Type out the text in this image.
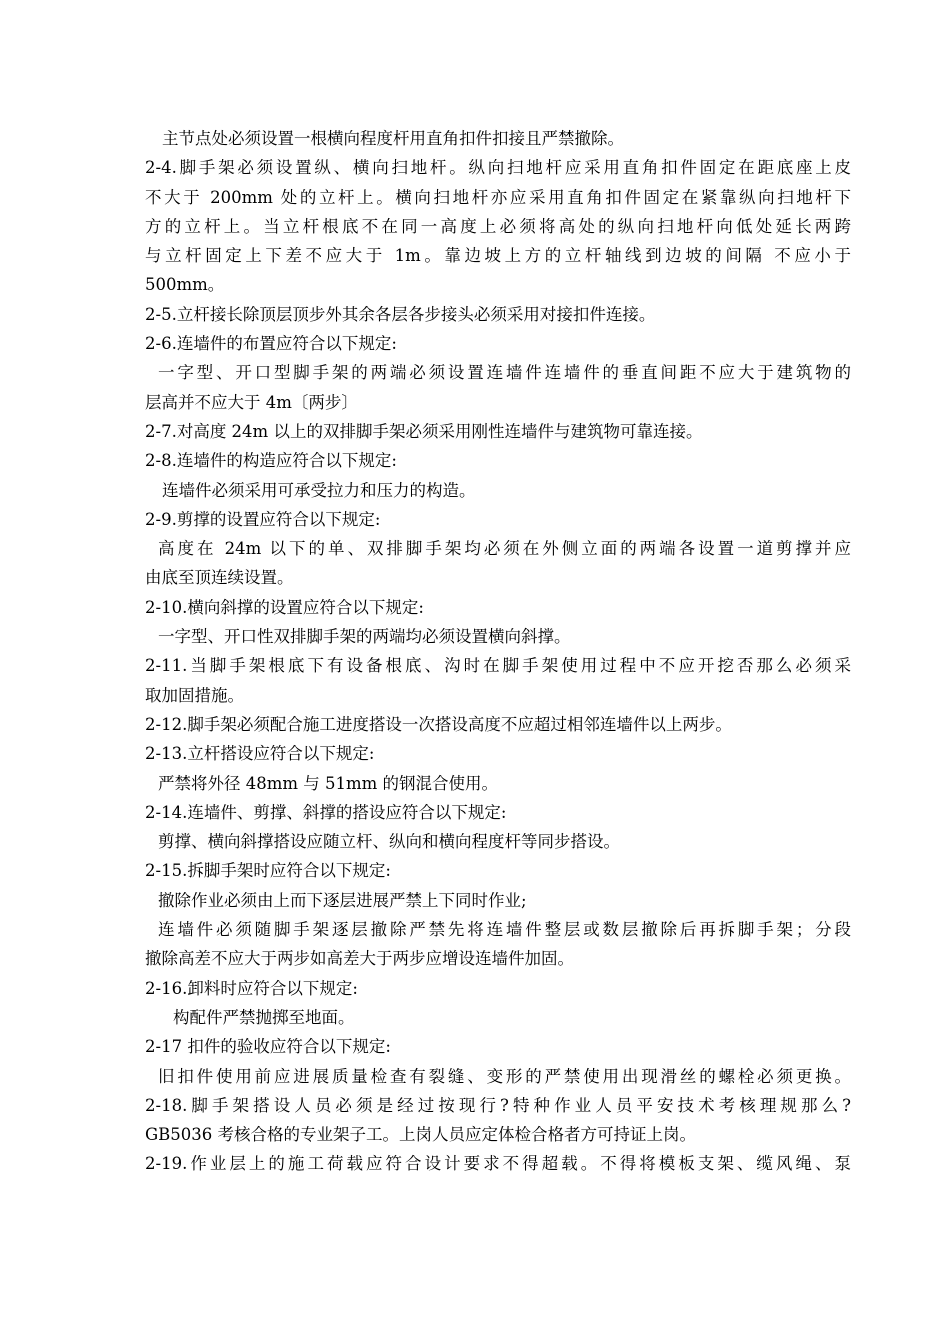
主节点处必须设置一根横向程度杆用直角扣件扣接且严禁撤除。
2-4.脚手架必须设置纵、横向扫地杆。纵向扫地杆应采用直角扣件固定在距底座上皮
不大于 200mm 处的立杆上。横向扫地杆亦应采用直角扣件固定在紧靠纵向扫地杆下
方的立杆上。当立杆根底不在同一高度上必须将高处的纵向扫地杆向低处延长两跨
与立杆固定上下差不应大于 1m。靠边坡上方的立杆轴线到边坡的间隔 不应小于
500mm。
2-5.立杆接长除顶层顶步外其余各层各步接头必须采用对接扣件连接。
2-6.连墙件的布置应符合以下规定:
一字型、开口型脚手架的两端必须设置连墙件连墙件的垂直间距不应大于建筑物的
层高并不应大于 4m〔两步〕
2-7.对高度 24m 以上的双排脚手架必须采用刚性连墙件与建筑物可靠连接。
2-8.连墙件的构造应符合以下规定:
连墙件必须采用可承受拉力和压力的构造。
2-9.剪撑的设置应符合以下规定:
高度在 24m 以下的单、双排脚手架均必须在外侧立面的两端各设置一道剪撑并应
由底至顶连续设置。
2-10.横向斜撑的设置应符合以下规定:
一字型、开口性双排脚手架的两端均必须设置横向斜撑。
2-11.当脚手架根底下有设备根底、沟时在脚手架使用过程中不应开挖否那么必须采
取加固措施。
2-12.脚手架必须配合施工进度搭设一次搭设高度不应超过相邻连墙件以上两步。
2-13.立杆搭设应符合以下规定:
严禁将外径 48mm 与 51mm 的钢混合使用。
2-14.连墙件、剪撑、斜撑的搭设应符合以下规定:
剪撑、横向斜撑搭设应随立杆、纵向和横向程度杆等同步搭设。
2-15.拆脚手架时应符合以下规定:
撤除作业必须由上而下逐层进展严禁上下同时作业;
连墙件必须随脚手架逐层撤除严禁先将连墙件整层或数层撤除后再拆脚手架；分段
撤除高差不应大于两步如高差大于两步应增设连墙件加固。
2-16.卸料时应符合以下规定:
构配件严禁抛掷至地面。
2-17 扣件的验收应符合以下规定:
旧扣件使用前应进展质量检查有裂缝、变形的严禁使用出现滑丝的螺栓必须更换。
2-18.脚手架搭设人员必须是经过按现行?特种作业人员平安技术考核理规那么?
GB5036 考核合格的专业架子工。上岗人员应定体检合格者方可持证上岗。
2-19.作业层上的施工荷载应符合设计要求不得超载。不得将模板支架、缆风绳、泵
